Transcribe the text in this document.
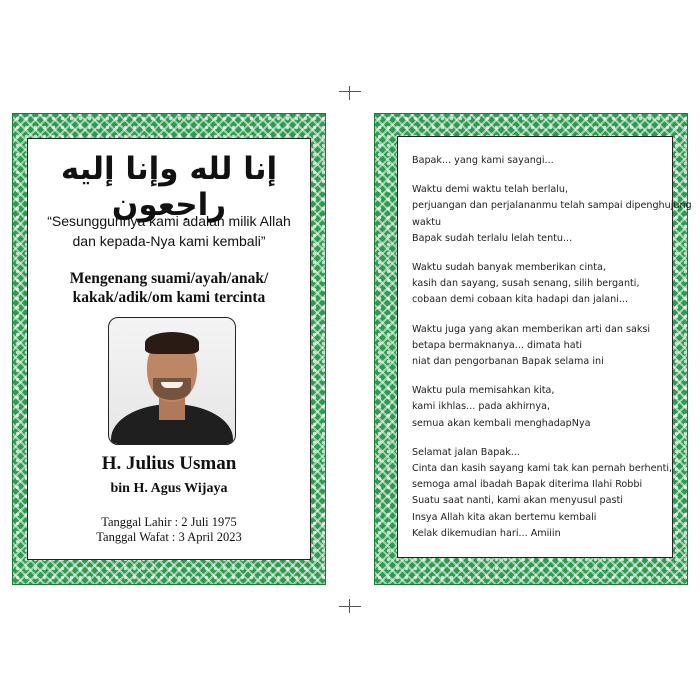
إنا لله وإنا إليه راجعون
“Sesungguhnya kami adalah milik Allah
dan kepada-Nya kami kembali”
Mengenang suami/ayah/anak/
kakak/adik/om kami tercinta
H. Julius Usman
bin H. Agus Wijaya
Tanggal Lahir : 2 Juli 1975
Tanggal Wafat : 3 April 2023
Bapak... yang kami sayangi...
Waktu demi waktu telah berlalu,
perjuangan dan perjalananmu telah sampai dipenghujung
waktu
Bapak sudah terlalu lelah tentu...
Waktu sudah banyak memberikan cinta,
kasih dan sayang, susah senang, silih berganti,
cobaan demi cobaan kita hadapi dan jalani...
Waktu juga yang akan memberikan arti dan saksi
betapa bermaknanya... dimata hati
niat dan pengorbanan Bapak selama ini
Waktu pula memisahkan kita,
kami ikhlas... pada akhirnya,
semua akan kembali menghadapNya
Selamat jalan Bapak...
Cinta dan kasih sayang kami tak kan pernah berhenti,
semoga amal ibadah Bapak diterima Ilahi Robbi
Suatu saat nanti, kami akan menyusul pasti
Insya Allah kita akan bertemu kembali
Kelak dikemudian hari... Amiiin
